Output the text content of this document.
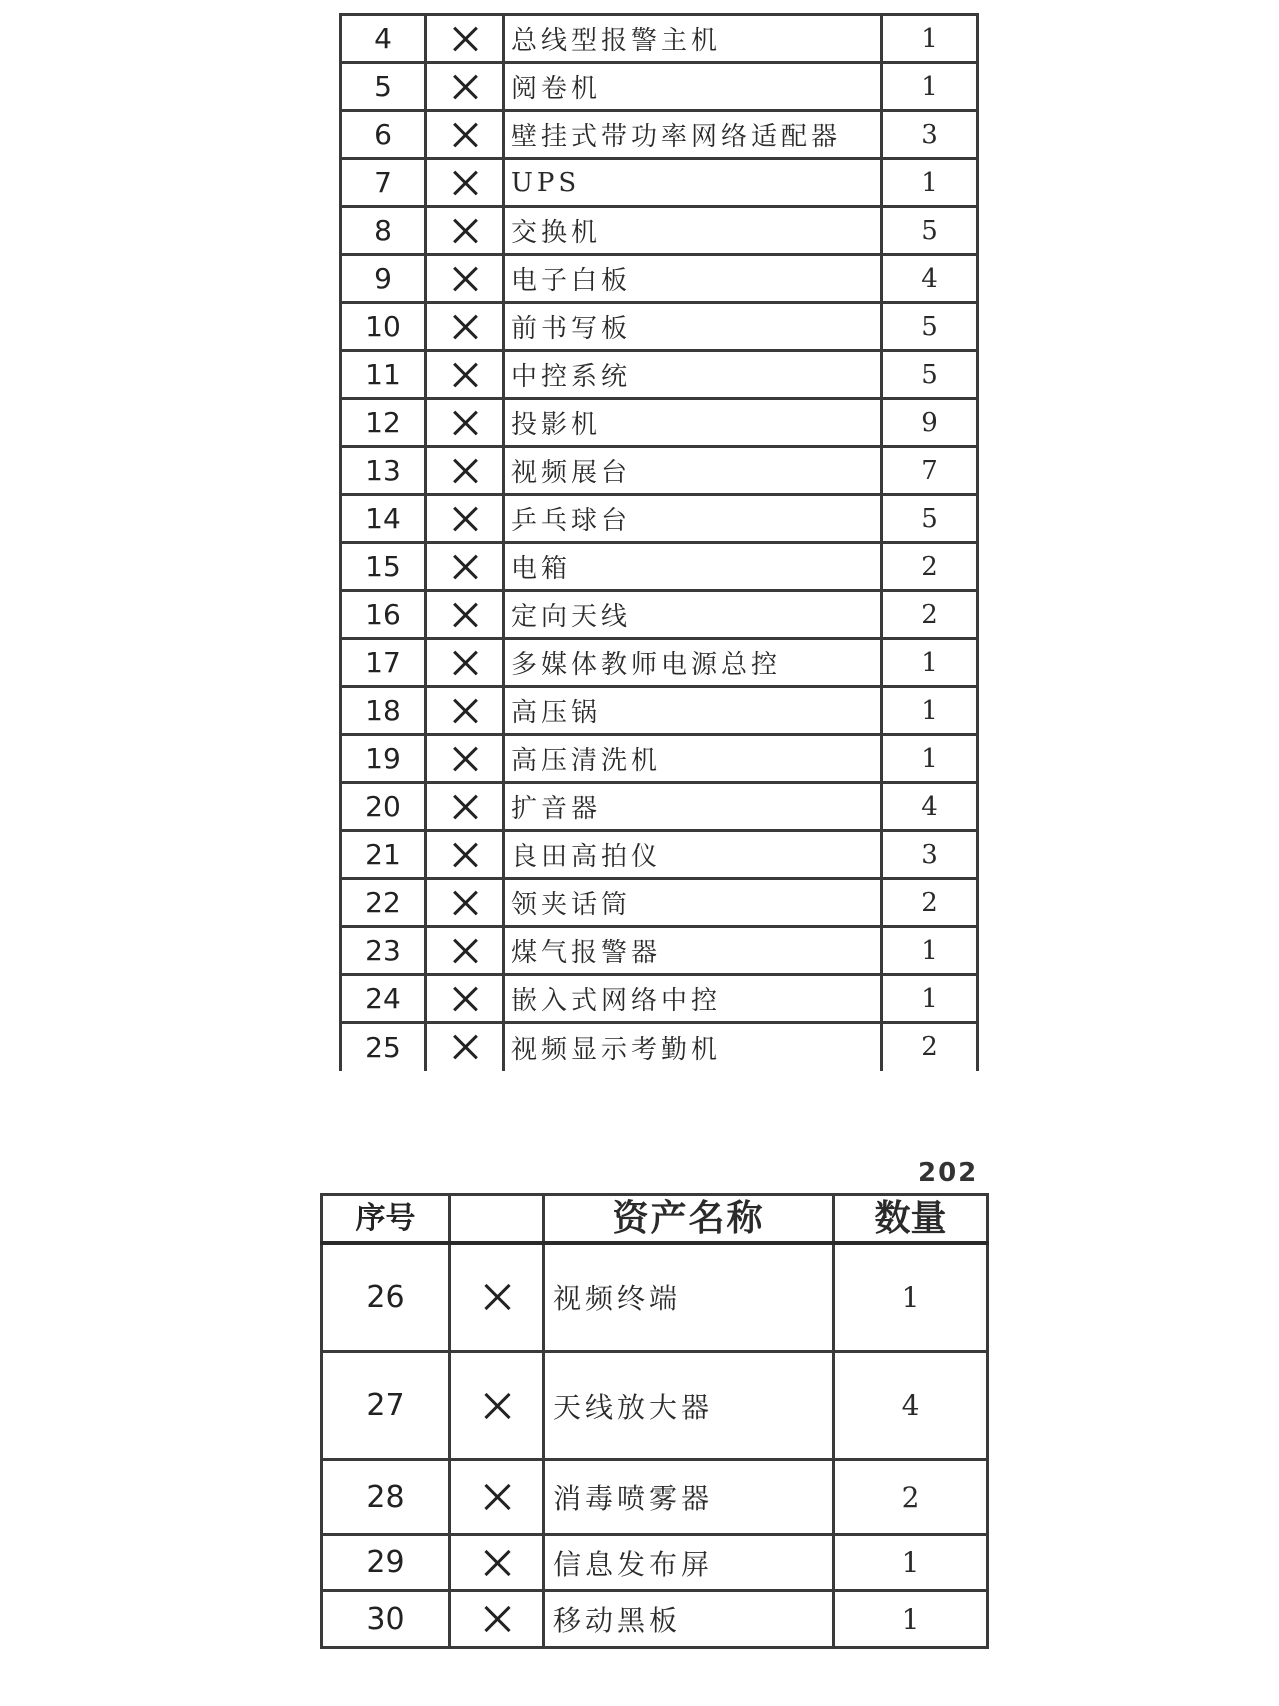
4		总线型报警主机	1
5		阅卷机	1
6		壁挂式带功率网络适配器	3
7		UPS	1
8		交换机	5
9		电子白板	4
10		前书写板	5
11		中控系统	5
12		投影机	9
13		视频展台	7
14		乒乓球台	5
15		电箱	2
16		定向天线	2
17		多媒体教师电源总控	1
18		高压锅	1
19		高压清洗机	1
20		扩音器	4
21		良田高拍仪	3
22		领夹话筒	2
23		煤气报警器	1
24		嵌入式网络中控	1
25		视频显示考勤机	2
202
序号		资产名称	数量
26		视频终端	1
27		天线放大器	4
28		消毒喷雾器	2
29		信息发布屏	1
30		移动黑板	1
